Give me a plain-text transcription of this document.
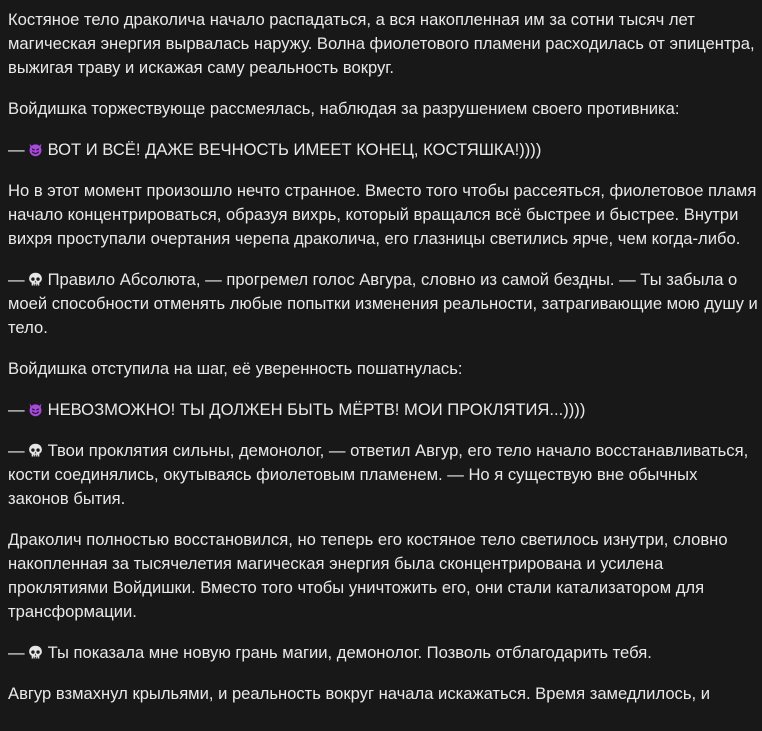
Костяное тело драколича начало распадаться, а вся накопленная им за сотни тысяч лет магическая энергия вырвалась наружу. Волна фиолетового пламени расходилась от эпицентра, выжигая траву и искажая саму реальность вокруг.

Войдишка торжествующе рассмеялась, наблюдая за разрушением своего противника:

— ВОТ И ВСЁ! ДАЖЕ ВЕЧНОСТЬ ИМЕЕТ КОНЕЦ, КОСТЯШКА!))))

Но в этот момент произошло нечто странное. Вместо того чтобы рассеяться, фиолетовое пламя начало концентрироваться, образуя вихрь, который вращался всё быстрее и быстрее. Внутри вихря проступали очертания черепа драколича, его глазницы светились ярче, чем когда-либо.

— Правило Абсолюта, — прогремел голос Авгура, словно из самой бездны. — Ты забыла о моей способности отменять любые попытки изменения реальности, затрагивающие мою душу и тело.

Войдишка отступила на шаг, её уверенность пошатнулась:

— НЕВОЗМОЖНО! ТЫ ДОЛЖЕН БЫТЬ МЁРТВ! МОИ ПРОКЛЯТИЯ...))))

— Твои проклятия сильны, демонолог, — ответил Авгур, его тело начало восстанавливаться, кости соединялись, окутываясь фиолетовым пламенем. — Но я существую вне обычных законов бытия.

Драколич полностью восстановился, но теперь его костяное тело светилось изнутри, словно накопленная за тысячелетия магическая энергия была сконцентрирована и усилена проклятиями Войдишки. Вместо того чтобы уничтожить его, они стали катализатором для трансформации.

— Ты показала мне новую грань магии, демонолог. Позволь отблагодарить тебя.

Авгур взмахнул крыльями, и реальность вокруг начала искажаться. Время замедлилось, и
